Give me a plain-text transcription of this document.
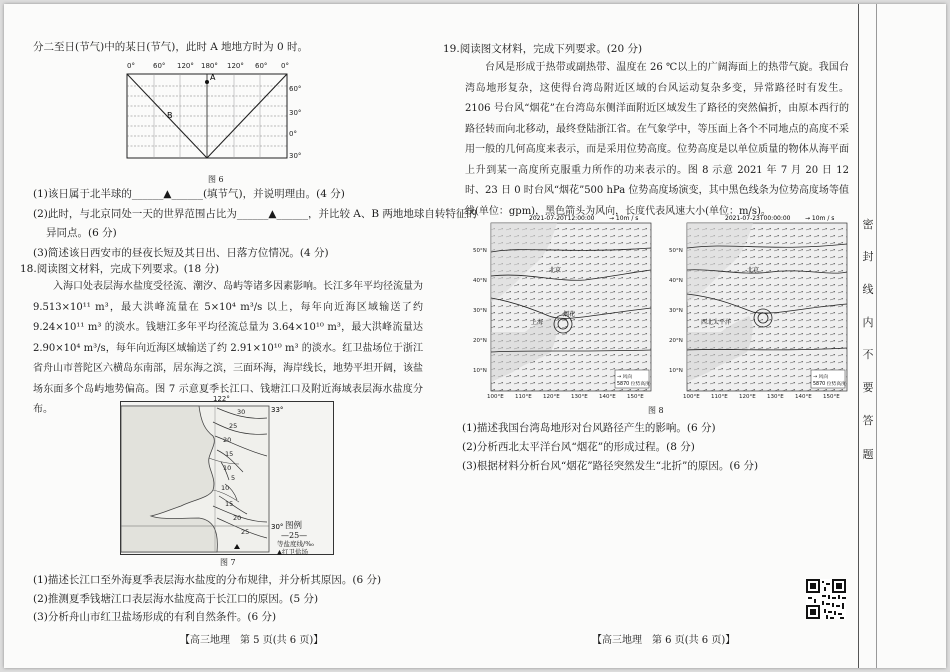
分二至日(节气)中的某日(节气)，此时 A 地地方时为 0 时。
0°	60° 120° 180° 120° 60° 0°
60°
30°
0°
30°
A
B
图 6
(1)该日属于北半球的______▲______(填节气)，并说明理由。(4 分)
(2)此时，与北京同处一天的世界范围占比为______▲______，并比较 A、B 两地地球自转特征的
异同点。(6 分)
(3)简述该日西安市的昼夜长短及其日出、日落方位情况。(4 分)
18.阅读图文材料，完成下列要求。(18 分)
入海口处表层海水盐度受径流、潮汐、岛屿等诸多因素影响。长江多年平均径流量为 9.513×10¹¹ m³，最大洪峰流量在 5×10⁴ m³/s 以上，每年向近海区域输送了约 9.24×10¹¹ m³ 的淡水。钱塘江多年平均径流总量为 3.64×10¹⁰ m³，最大洪峰流量达 2.90×10⁴ m³/s，每年向近海区域输送了约 2.91×10¹⁰ m³ 的淡水。红卫盐场位于浙江省舟山市普陀区六横岛东南部，居东海之滨，三面环海，海岸线长，地势平坦开阔，该盐场东面多个岛屿地势偏高。图 7 示意夏季长江口、钱塘江口及附近海域表层海水盐度分布。
122°
30
25
20
15
10
5
10
15
20
25
33°
30° 图例
—25—
等盐度线/‰
▲红卫盐场
图 7
(1)描述长江口至外海夏季表层海水盐度的分布规律，并分析其原因。(6 分)
(2)推测夏季钱塘江口表层海水盐度高于长江口的原因。(5 分)
(3)分析舟山市红卫盐场形成的有利自然条件。(6 分)
【高三地理　第 5 页(共 6 页)】
19.阅读图文材料，完成下列要求。(20 分)
台风是形成于热带或副热带、温度在 26 ℃以上的广阔海面上的热带气旋。我国台湾岛地形复杂，这使得台湾岛附近区域的台风运动复杂多变，异常路径时有发生。2106 号台风“烟花”在台湾岛东侧洋面附近区域发生了路径的突然偏折，由原本西行的路径转而向北移动，最终登陆浙江省。在气象学中，等压面上各个不同地点的高度不采用一般的几何高度来表示，而是采用位势高度。位势高度是以单位质量的物体从海平面上升到某一高度所克服重力所作的功来表示的。图 8 示意 2021 年 7 月 20 日 12 时、23 日 0 时台风“烟花”500 hPa 位势高度场演变，其中黑色线条为位势高度场等值线(单位：gpm)，黑色箭头为风向，长度代表风速大小(单位：m/s)。
2021-07-20T12:00:00 → 10m / s
烟花
北京
上海
50°N
40°N
30°N
20°N
10°N
100°E 110°E 120°E 130°E 140°E 150°E
→ 风向
5870 位势高度
2021-07-23T00:00:00 → 10m / s
西北太平洋
北京
50°N
40°N
30°N
20°N
10°N
100°E 110°E 120°E 130°E 140°E 150°E
→ 风向
5870 位势高度
图 8
(1)描述我国台湾岛地形对台风路径产生的影响。(6 分)
(2)分析西北太平洋台风“烟花”的形成过程。(8 分)
(3)根据材料分析台风“烟花”路径突然发生“北折”的原因。(6 分)
【高三地理　第 6 页(共 6 页)】
密
封
线
内
不
要
答
题
